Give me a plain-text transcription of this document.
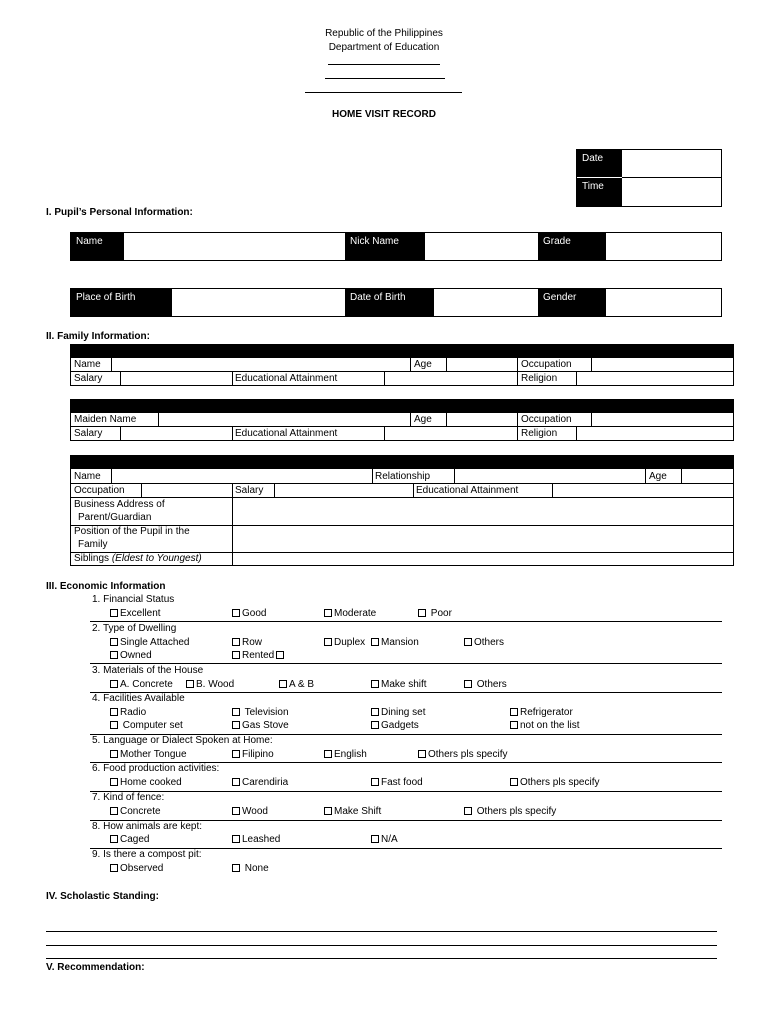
Republic of the Philippines
Department of Education
HOME VISIT RECORD
Date
Time
I. Pupil’s Personal Information:
Name	Nick Name	Grade
Place of Birth	Date of Birth	Gender
II. Family Information:
Name	Age	Occupation
Salary	Educational Attainment	Religion
Maiden Name	Age	Occupation
Salary	Educational Attainment	Religion
Name	Relationship	Age
Occupation	Salary	Educational Attainment
Business Address of
Parent/Guardian
Position of the Pupil in the
Family
Siblings (Eldest to Youngest)
III. Economic Information
1. Financial Status
Excellent	Good	Moderate	Poor
2. Type of Dwelling
Single Attached	Row	Duplex	Mansion	Others
Owned	Rented
3. Materials of the House
A. Concrete	B. Wood	A & B	Make shift	Others
4. Facilities Available
Radio	Television	Dining set	Refrigerator
Computer set	Gas Stove	Gadgets	not on the list
5. Language or Dialect Spoken at Home:
Mother Tongue	Filipino	English	Others pls specify
6. Food production activities:
Home cooked	Carendiria	Fast food	Others pls specify
7. Kind of fence:
Concrete	Wood	Make Shift	Others pls specify
8. How animals are kept:
Caged	Leashed	N/A
9. Is there a compost pit:
Observed	None
IV. Scholastic Standing:
V. Recommendation:
